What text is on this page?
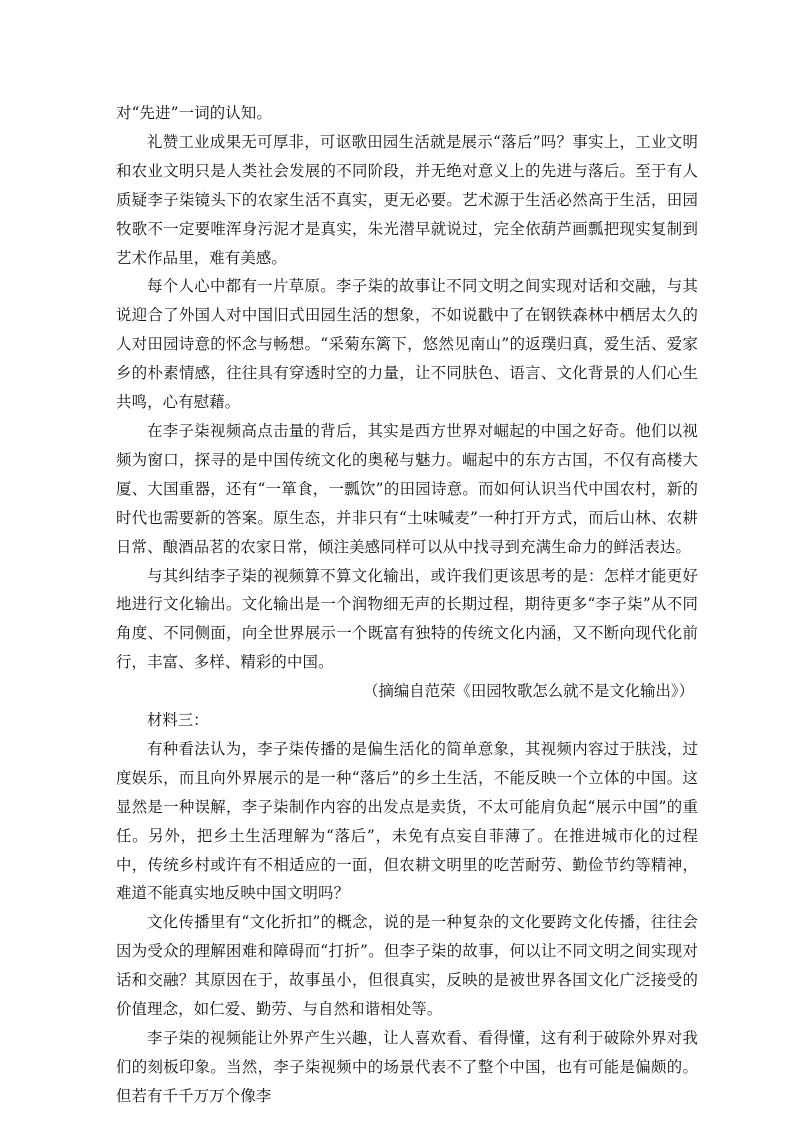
对“先进”一词的认知。

礼赞工业成果无可厚非，可讴歌田园生活就是展示“落后”吗？事实上，工业文明和农业文明只是人类社会发展的不同阶段，并无绝对意义上的先进与落后。至于有人质疑李子柒镜头下的农家生活不真实，更无必要。艺术源于生活必然高于生活，田园牧歌不一定要唯浑身污泥才是真实，朱光潜早就说过，完全依葫芦画瓢把现实复制到艺术作品里，难有美感。

每个人心中都有一片草原。李子柒的故事让不同文明之间实现对话和交融，与其说迎合了外国人对中国旧式田园生活的想象，不如说戳中了在钢铁森林中栖居太久的人对田园诗意的怀念与畅想。“采菊东篱下，悠然见南山”的返璞归真，爱生活、爱家乡的朴素情感，往往具有穿透时空的力量，让不同肤色、语言、文化背景的人们心生共鸣，心有慰藉。

在李子柒视频高点击量的背后，其实是西方世界对崛起的中国之好奇。他们以视频为窗口，探寻的是中国传统文化的奥秘与魅力。崛起中的东方古国，不仅有高楼大厦、大国重器，还有“一箪食，一瓢饮”的田园诗意。而如何认识当代中国农村，新的时代也需要新的答案。原生态，并非只有“土味喊麦”一种打开方式，而后山林、农耕日常、酿酒品茗的农家日常，倾注美感同样可以从中找寻到充满生命力的鲜活表达。

与其纠结李子柒的视频算不算文化输出，或许我们更该思考的是：怎样才能更好地进行文化输出。文化输出是一个润物细无声的长期过程，期待更多“李子柒”从不同角度、不同侧面，向全世界展示一个既富有独特的传统文化内涵，又不断向现代化前行，丰富、多样、精彩的中国。

（摘编自范荣《田园牧歌怎么就不是文化输出》）

材料三：

有种看法认为，李子柒传播的是偏生活化的简单意象，其视频内容过于肤浅，过度娱乐，而且向外界展示的是一种“落后”的乡土生活，不能反映一个立体的中国。这显然是一种误解，李子柒制作内容的出发点是卖货，不太可能肩负起“展示中国”的重任。另外，把乡土生活理解为“落后”，未免有点妄自菲薄了。在推进城市化的过程中，传统乡村或许有不相适应的一面，但农耕文明里的吃苦耐劳、勤俭节约等精神，难道不能真实地反映中国文明吗？

文化传播里有“文化折扣”的概念，说的是一种复杂的文化要跨文化传播，往往会因为受众的理解困难和障碍而“打折”。但李子柒的故事，何以让不同文明之间实现对话和交融？其原因在于，故事虽小，但很真实，反映的是被世界各国文化广泛接受的价值理念，如仁爱、勤劳、与自然和谐相处等。

李子柒的视频能让外界产生兴趣，让人喜欢看、看得懂，这有利于破除外界对我们的刻板印象。当然，李子柒视频中的场景代表不了整个中国，也有可能是偏颇的。但若有千千万万个像李
